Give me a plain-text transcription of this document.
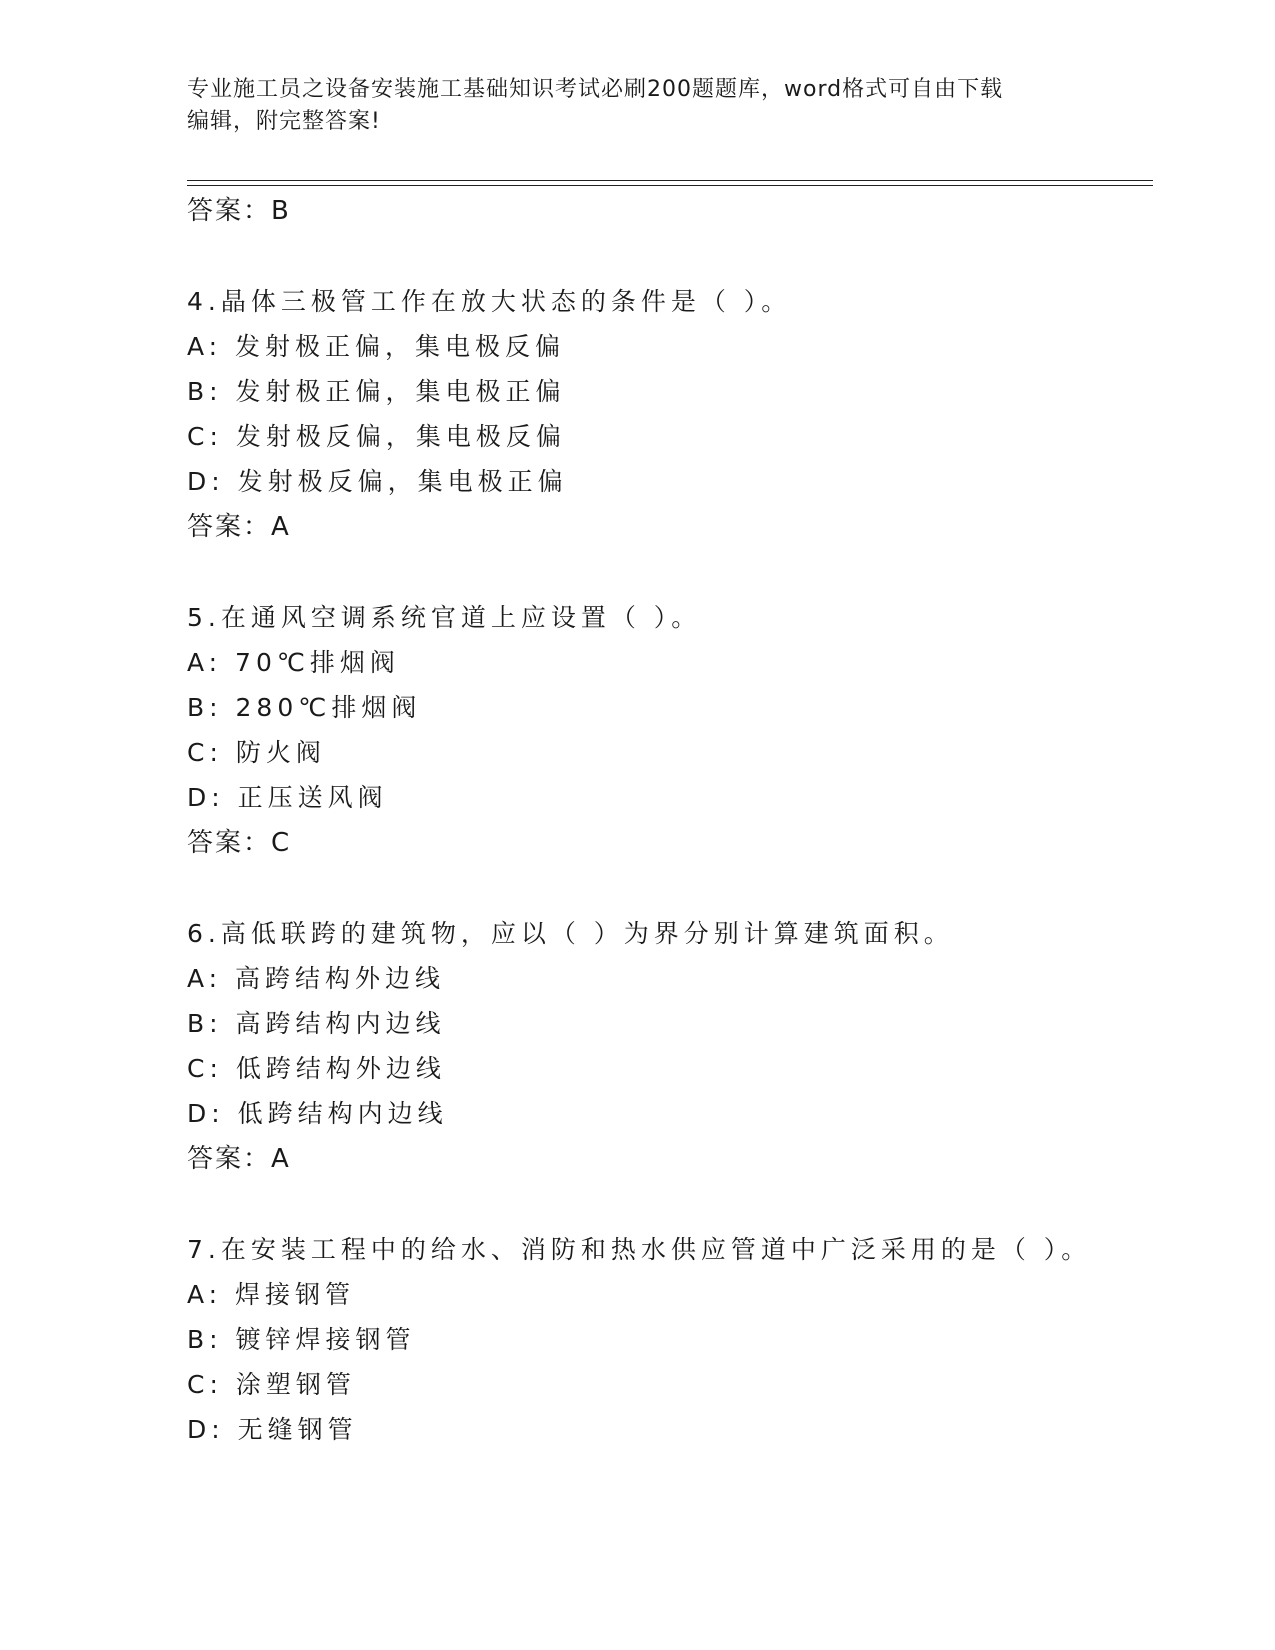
专业施工员之设备安装施工基础知识考试必刷200题题库，word格式可自由下载
编辑，附完整答案!
答案：B
4.晶体三极管工作在放大状态的条件是（ ）。
A: 发射极正偏，集电极反偏
B: 发射极正偏，集电极正偏
C: 发射极反偏，集电极反偏
D: 发射极反偏，集电极正偏
答案：A
5.在通风空调系统官道上应设置（ ）。
A: 70℃排烟阀
B: 280℃排烟阀
C: 防火阀
D: 正压送风阀
答案：C
6.高低联跨的建筑物，应以（ ）为界分别计算建筑面积。
A: 高跨结构外边线
B: 高跨结构内边线
C: 低跨结构外边线
D: 低跨结构内边线
答案：A
7.在安装工程中的给水、消防和热水供应管道中广泛采用的是（ ）。
A: 焊接钢管
B: 镀锌焊接钢管
C: 涂塑钢管
D: 无缝钢管
